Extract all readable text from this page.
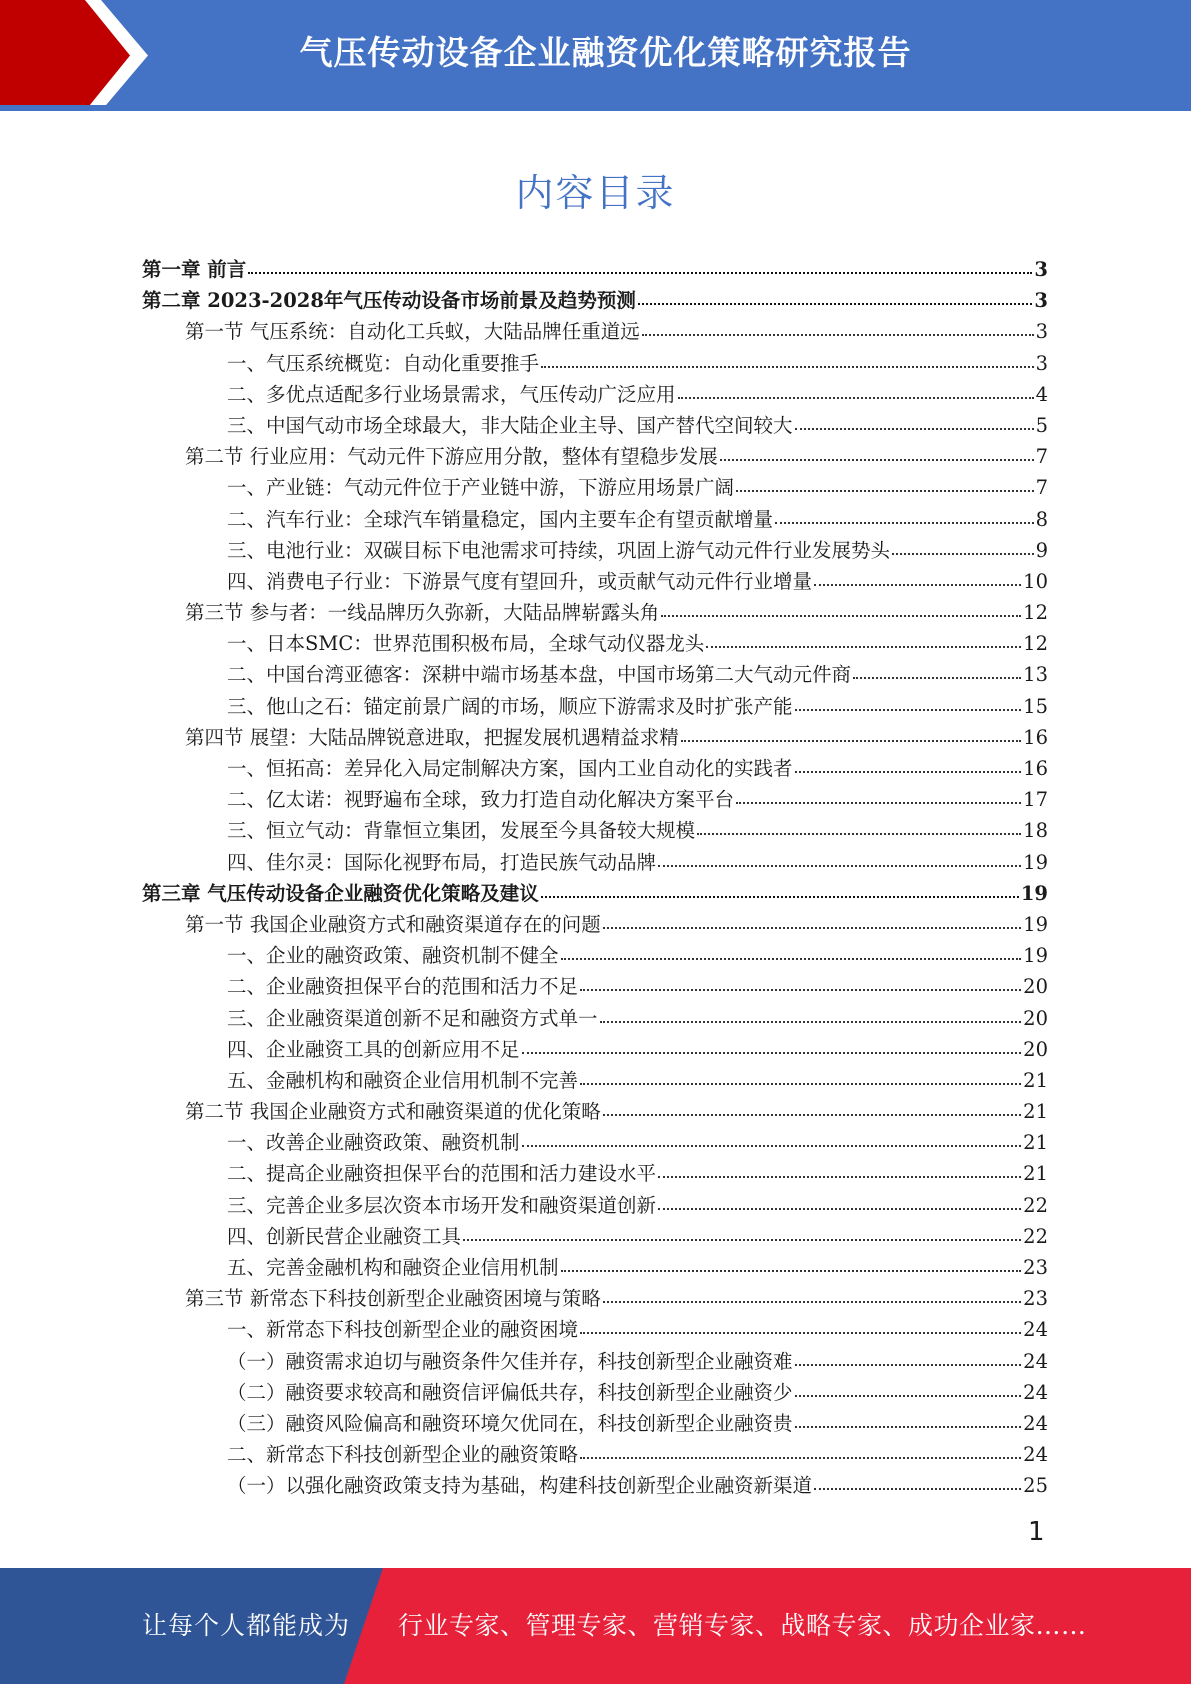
气压传动设备企业融资优化策略研究报告
内容目录
第一章 前言	3
第二章 2023-2028年气压传动设备市场前景及趋势预测	3
第一节 气压系统：自动化工兵蚁，大陆品牌任重道远	3
一、气压系统概览：自动化重要推手	3
二、多优点适配多行业场景需求，气压传动广泛应用	4
三、中国气动市场全球最大，非大陆企业主导、国产替代空间较大	5
第二节 行业应用：气动元件下游应用分散，整体有望稳步发展	7
一、产业链：气动元件位于产业链中游，下游应用场景广阔	7
二、汽车行业：全球汽车销量稳定，国内主要车企有望贡献增量	8
三、电池行业：双碳目标下电池需求可持续，巩固上游气动元件行业发展势头	9
四、消费电子行业：下游景气度有望回升，或贡献气动元件行业增量	10
第三节 参与者：一线品牌历久弥新，大陆品牌崭露头角	12
一、日本SMC：世界范围积极布局，全球气动仪器龙头	12
二、中国台湾亚德客：深耕中端市场基本盘，中国市场第二大气动元件商	13
三、他山之石：锚定前景广阔的市场，顺应下游需求及时扩张产能	15
第四节 展望：大陆品牌锐意进取，把握发展机遇精益求精	16
一、恒拓高：差异化入局定制解决方案，国内工业自动化的实践者	16
二、亿太诺：视野遍布全球，致力打造自动化解决方案平台	17
三、恒立气动：背靠恒立集团，发展至今具备较大规模	18
四、佳尔灵：国际化视野布局，打造民族气动品牌	19
第三章 气压传动设备企业融资优化策略及建议	19
第一节 我国企业融资方式和融资渠道存在的问题	19
一、企业的融资政策、融资机制不健全	19
二、企业融资担保平台的范围和活力不足	20
三、企业融资渠道创新不足和融资方式单一	20
四、企业融资工具的创新应用不足	20
五、金融机构和融资企业信用机制不完善	21
第二节 我国企业融资方式和融资渠道的优化策略	21
一、改善企业融资政策、融资机制	21
二、提高企业融资担保平台的范围和活力建设水平	21
三、完善企业多层次资本市场开发和融资渠道创新	22
四、创新民营企业融资工具	22
五、完善金融机构和融资企业信用机制	23
第三节 新常态下科技创新型企业融资困境与策略	23
一、新常态下科技创新型企业的融资困境	24
（一）融资需求迫切与融资条件欠佳并存，科技创新型企业融资难	24
（二）融资要求较高和融资信评偏低共存，科技创新型企业融资少	24
（三）融资风险偏高和融资环境欠优同在，科技创新型企业融资贵	24
二、新常态下科技创新型企业的融资策略	24
（一）以强化融资政策支持为基础，构建科技创新型企业融资新渠道	25
1
让每个人都能成为 行业专家、管理专家、营销专家、战略专家、成功企业家……
